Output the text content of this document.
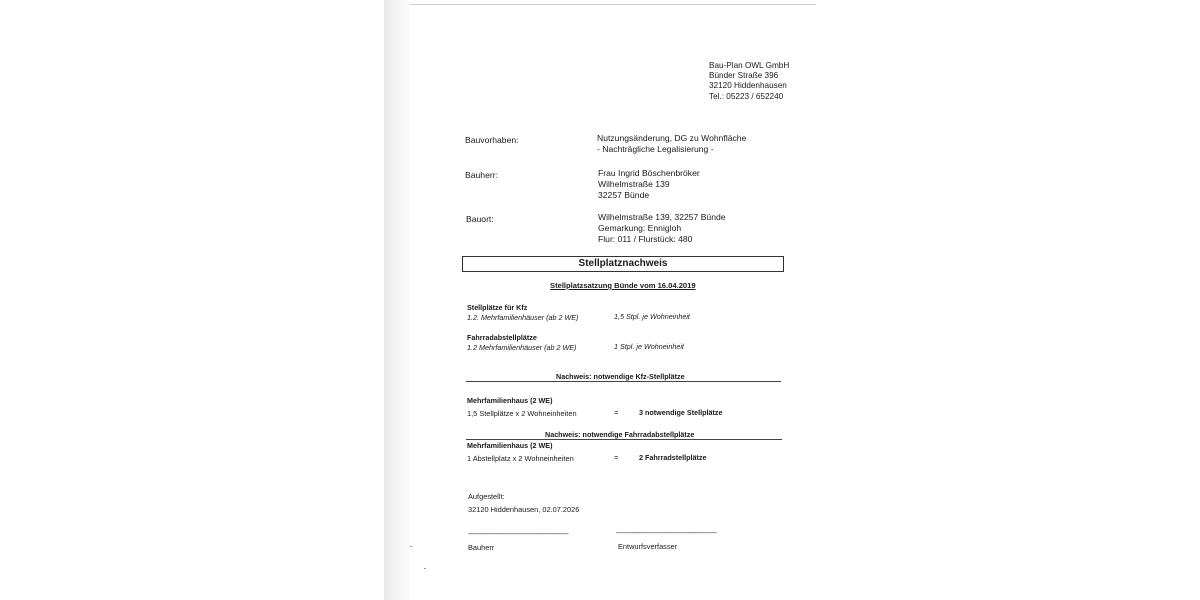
Bau-Plan OWL GmbH
Bünder Straße 396
32120 Hiddenhausen
Tel.: 05223 / 652240
Bauvorhaben:	Nutzungsänderung, DG zu Wohnfläche
- Nachträgliche Legalisierung -
Bauherr:	Frau Ingrid Böschenbröker
Wilhelmstraße 139
32257 Bünde
Bauort:	Wilhelmstraße 139, 32257 Bünde
Gemarkung: Ennigloh
Flur: 011 / Flurstück: 480
Stellplatznachweis
Stellplatzsatzung Bünde vom 16.04.2019
Stellplätze für Kfz
1.2. Mehrfamilienhäuser (ab 2 WE)	1,5 Stpl. je Wohneinheit
Fahrradabstellplätze
1.2 Mehrfamilienhäuser (ab 2 WE)	1 Stpl. je Wohneinheit
Nachweis: notwendige Kfz-Stellplätze
Mehrfamilienhaus (2 WE)
1,5 Stellplätze x 2 Wohneinheiten	=	3 notwendige Stellplätze
Nachweis: notwendige Fahrradabstellplätze
Mehrfamilienhaus (2 WE)
1 Abstellplatz x 2 Wohneinheiten	=	2 Fahrradstellplätze
Aufgestellt:
32120 Hiddenhausen, 02.07.2026
----------------------------------------------------
Bauherr
----------------------------------------------------
Entwurfsverfasser
